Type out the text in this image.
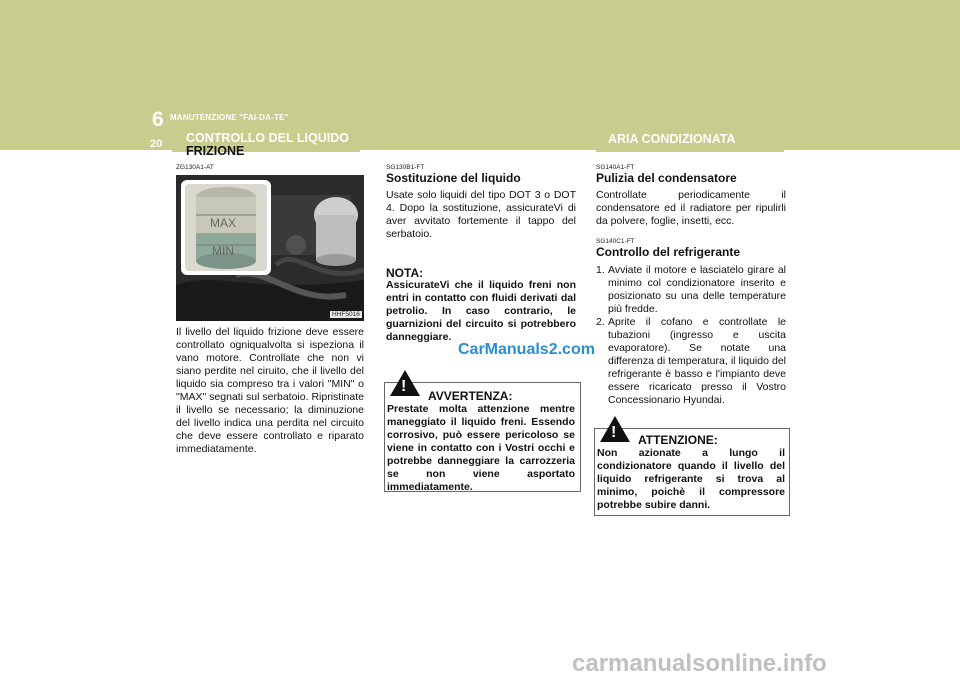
6 MANUTENZIONE "FAI-DA-TE"
20 CONTROLLO DEL LIQUIDO
FRIZIONE
ZG130A1-AT
MAX
MIN
HHF5016
Il livello del liquido frizione deve essere controllato ogniqualvolta si ispeziona il vano motore. Controllate che non vi siano perdite nel ciruito, che il livello del liquido sia compreso tra i valori "MIN" o "MAX" segnati sul serbatoio. Ripristinate il livello se necessario; la diminuzione del livello indica una perdita nel circuito che deve essere controllato e riparato immediatamente.
SG130B1-FT
Sostituzione del liquido
Usate solo liquidi del tipo DOT 3 o DOT 4. Dopo la sostituzione, assicurateVi di aver avvitato fortemente il tappo del serbatoio.
NOTA:
AssicurateVi che il liquido freni non entri in contatto con fluidi derivati dal petrolio. In caso contrario, le guarnizioni del circuito si potrebbero danneggiare.
!
AVVERTENZA:
Prestate molta attenzione mentre maneggiato il liquido freni. Essendo corrosivo, può essere pericoloso se viene in contatto con i Vostri occhi e potrebbe danneggiare la carrozzeria se non viene asportato immediatamente.
ARIA CONDIZIONATA
SG140A1-FT
Pulizia del condensatore
Controllate periodicamente il condensatore ed il radiatore per ripulirli da polvere, foglie, insetti, ecc.
SG140C1-FT
Controllo del refrigerante
1. Avviate il motore e lasciatelo girare al minimo col condizionatore inserito e posizionato su una delle temperature più fredde.
2. Aprite il cofano e controllate le tubazioni (ingresso e uscita evaporatore). Se notate una differenza di temperatura, il liquido del refrigerante è basso e l'impianto deve essere ricaricato presso il Vostro Concessionario Hyundai.
! ATTENZIONE:
Non azionate a lungo il condizionatore quando il livello del liquido refrigerante si trova al minimo, poichè il compressore potrebbe subire danni.
CarManuals2.com
carmanualsonline.info
